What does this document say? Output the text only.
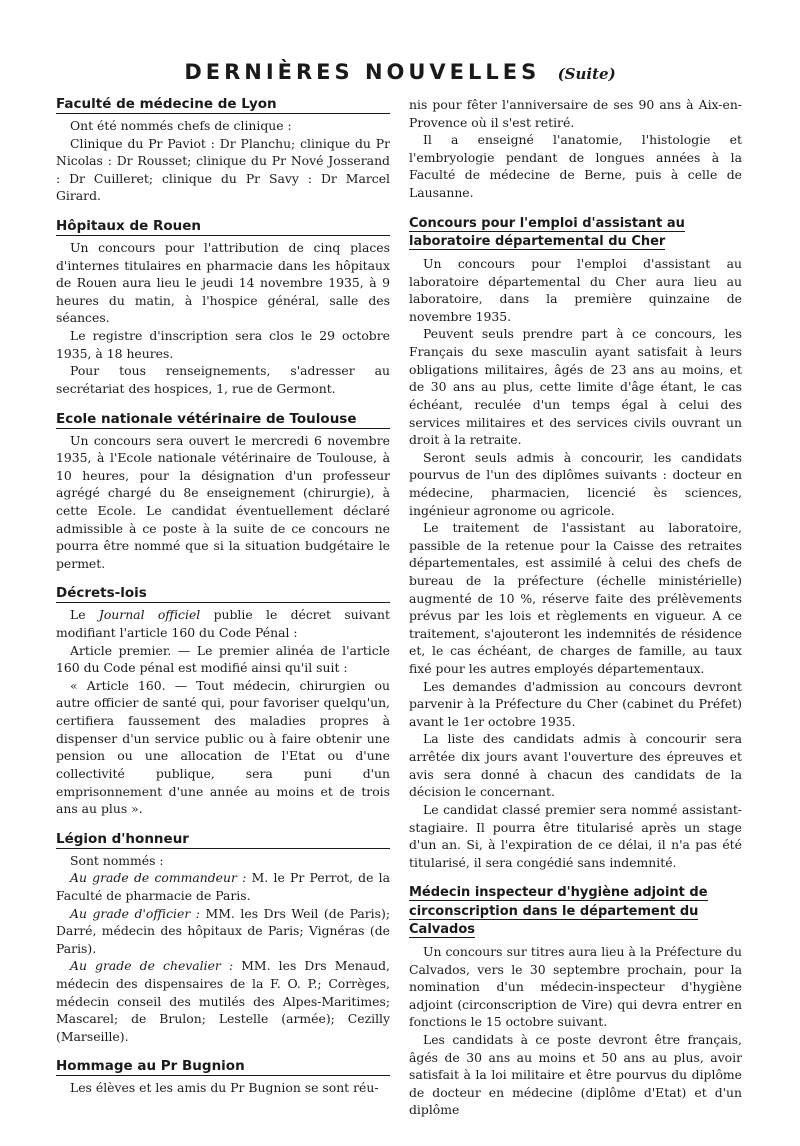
DERNIÈRES NOUVELLES (Suite)
Faculté de médecine de Lyon

Ont été nommés chefs de clinique :

Clinique du Pr Paviot : Dr Planchu; clinique du Pr Nicolas : Dr Rousset; clinique du Pr Nové Josserand : Dr Cuilleret; clinique du Pr Savy : Dr Marcel Girard.

Hôpitaux de Rouen

Un concours pour l'attribution de cinq places d'internes titulaires en pharmacie dans les hôpitaux de Rouen aura lieu le jeudi 14 novembre 1935, à 9 heures du matin, à l'hospice général, salle des séances.

Le registre d'inscription sera clos le 29 octobre 1935, à 18 heures.

Pour tous renseignements, s'adresser au secrétariat des hospices, 1, rue de Germont.

Ecole nationale vétérinaire de Toulouse

Un concours sera ouvert le mercredi 6 novembre 1935, à l'Ecole nationale vétérinaire de Toulouse, à 10 heures, pour la désignation d'un professeur agrégé chargé du 8e enseignement (chirurgie), à cette Ecole. Le candidat éventuellement déclaré admissible à ce poste à la suite de ce concours ne pourra être nommé que si la situation budgétaire le permet.

Décrets-lois

Le Journal officiel publie le décret suivant modifiant l'article 160 du Code Pénal :

Article premier. — Le premier alinéa de l'article 160 du Code pénal est modifié ainsi qu'il suit :

« Article 160. — Tout médecin, chirurgien ou autre officier de santé qui, pour favoriser quelqu'un, certifiera faussement des maladies propres à dispenser d'un service public ou à faire obtenir une pension ou une allocation de l'Etat ou d'une collectivité publique, sera puni d'un emprisonnement d'une année au moins et de trois ans au plus ».

Légion d'honneur

Sont nommés :

Au grade de commandeur : M. le Pr Perrot, de la Faculté de pharmacie de Paris.

Au grade d'officier : MM. les Drs Weil (de Paris); Darré, médecin des hôpitaux de Paris; Vignéras (de Paris).

Au grade de chevalier : MM. les Drs Menaud, médecin des dispensaires de la F. O. P.; Corrèges, médecin conseil des mutilés des Alpes-Maritimes; Mascarel; de Brulon; Lestelle (armée); Cezilly (Marseille).

Hommage au Pr Bugnion

Les élèves et les amis du Pr Bugnion se sont réu-

nis pour fêter l'anniversaire de ses 90 ans à Aix-en-Provence où il s'est retiré.

Il a enseigné l'anatomie, l'histologie et l'embryologie pendant de longues années à la Faculté de médecine de Berne, puis à celle de Lausanne.

Concours pour l'emploi d'assistant au laboratoire départemental du Cher

Un concours pour l'emploi d'assistant au laboratoire départemental du Cher aura lieu au laboratoire, dans la première quinzaine de novembre 1935.

Peuvent seuls prendre part à ce concours, les Français du sexe masculin ayant satisfait à leurs obligations militaires, âgés de 23 ans au moins, et de 30 ans au plus, cette limite d'âge étant, le cas échéant, reculée d'un temps égal à celui des services militaires et des services civils ouvrant un droit à la retraite.

Seront seuls admis à concourir, les candidats pourvus de l'un des diplômes suivants : docteur en médecine, pharmacien, licencié ès sciences, ingénieur agronome ou agricole.

Le traitement de l'assistant au laboratoire, passible de la retenue pour la Caisse des retraites départementales, est assimilé à celui des chefs de bureau de la préfecture (échelle ministérielle) augmenté de 10 %, réserve faite des prélèvements prévus par les lois et règlements en vigueur. A ce traitement, s'ajouteront les indemnités de résidence et, le cas échéant, de charges de famille, au taux fixé pour les autres employés départementaux.

Les demandes d'admission au concours devront parvenir à la Préfecture du Cher (cabinet du Préfet) avant le 1er octobre 1935.

La liste des candidats admis à concourir sera arrêtée dix jours avant l'ouverture des épreuves et avis sera donné à chacun des candidats de la décision le concernant.

Le candidat classé premier sera nommé assistant-stagiaire. Il pourra être titularisé après un stage d'un an. Si, à l'expiration de ce délai, il n'a pas été titularisé, il sera congédié sans indemnité.

Médecin inspecteur d'hygiène adjoint de circonscription dans le département du Calvados

Un concours sur titres aura lieu à la Préfecture du Calvados, vers le 30 septembre prochain, pour la nomination d'un médecin-inspecteur d'hygiène adjoint (circonscription de Vire) qui devra entrer en fonctions le 15 octobre suivant.

Les candidats à ce poste devront être français, âgés de 30 ans au moins et 50 ans au plus, avoir satisfait à la loi militaire et être pourvus du diplôme de docteur en médecine (diplôme d'Etat) et d'un diplôme
